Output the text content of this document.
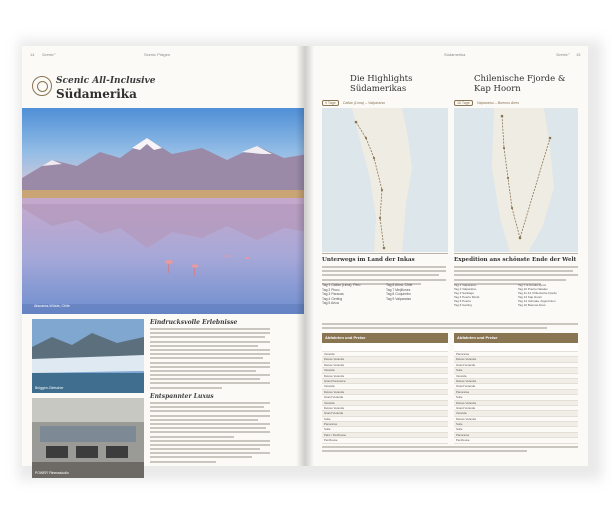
14 Scenic°	Scenic Prägen
Scenic All-Inclusive
Südamerika
Atacama-Wüste, Chile
Brüggen-Gletscher
POWER Fitnessstudio
Eindrucksvolle Erlebnisse
Entspannter Luxus
Südamerika	Scenic° 15
Die Highlights
Südamerikas
9 Tage Callao (Lima) – Valparaíso
Unterwegs im Land der Inkas
Tag 1 Callao (Lima), Peru
Tag 2 Pisco
Tag 3 Paracas
Tag 4 Gerling
Tag 5 Arica
Tag 6 Arica, Chile
Tag 7 Mejillones
Tag 8 Coquimbo
Tag 9 Valparaíso
Chilenische Fjorde &
Kap Hoorn
16 Tage Valparaíso – Buenos Aires
Expedition ans schönste Ende der Welt
Tag 1 Valparaíso
Tag 2 Valparaíso
Tag 3 Santiago
Tag 4 Puerto Montt
Tag 5 Puerto
Tag 6 Gerling
Tag 7-9 Amalia Fjord
Tag 10 Puerto Natales
Tag 11-12 Chilenische Fjorde
Tag 13 Kap Hoorn
Tag 14 Ushuaia, Argentinien
Tag 16 Buenos Aires
Abfahrten und Preise
Veranda
Deluxe Veranda
Deluxe Veranda
Veranda
Deluxe Veranda
Grand Panorama
Veranda
Deluxe Veranda
Grand Veranda
Veranda
Deluxe Veranda
Grand Veranda
Suite
Panorama
Suite
Palm / Penthouse
Penthouse
Abfahrten und Preise
Panorama
Deluxe Veranda
Grand Veranda
Suite
Veranda
Deluxe Veranda
Grand Veranda
Panorama
Suite
Deluxe Veranda
Grand Veranda
Veranda
Deluxe Veranda
Suite
Suite
Panorama
Penthouse
